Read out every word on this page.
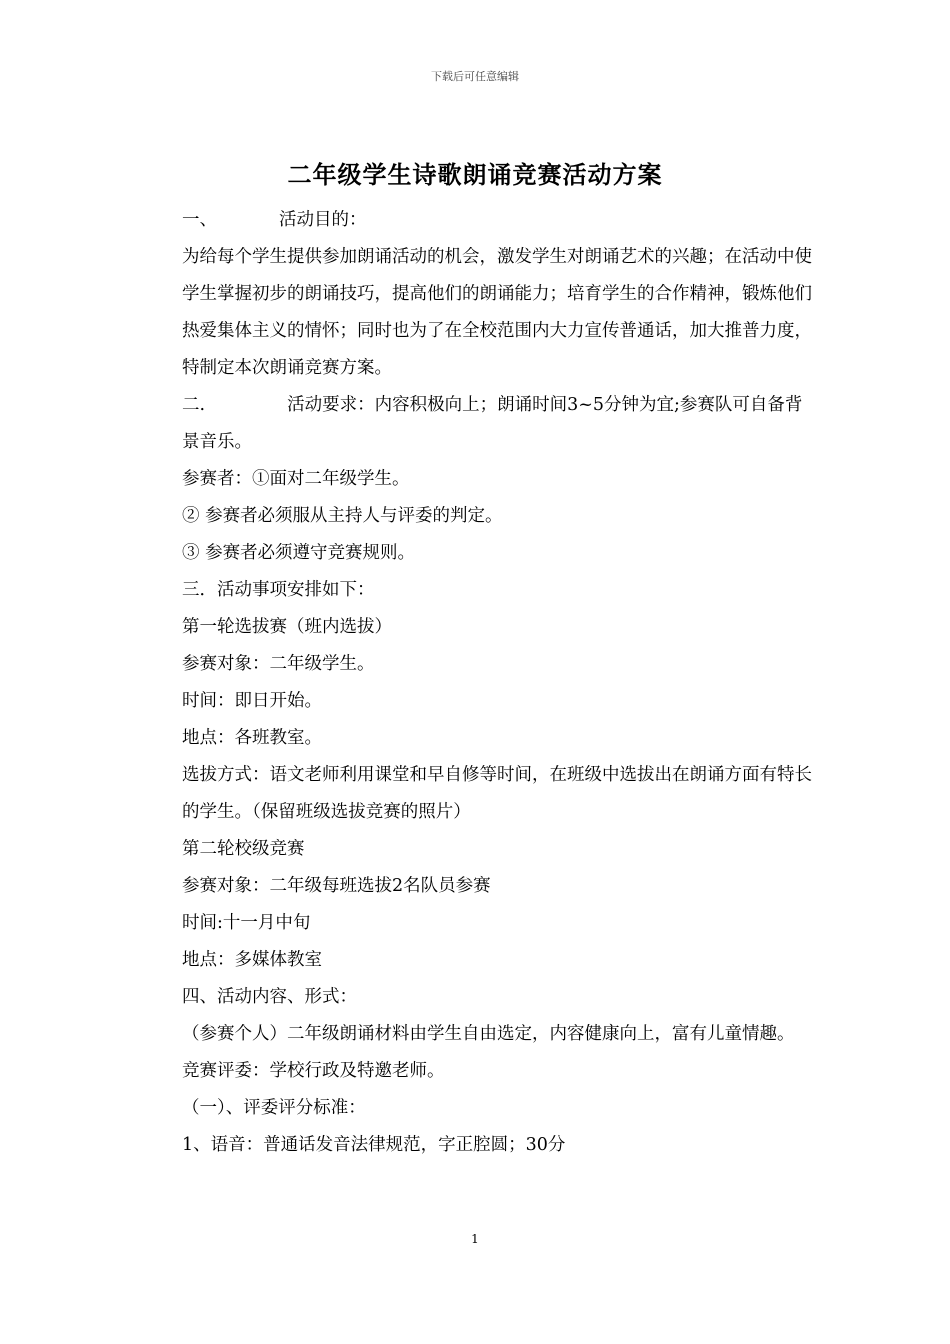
下载后可任意编辑
二年级学生诗歌朗诵竞赛活动方案

一、	活动目的：

为给每个学生提供参加朗诵活动的机会，激发学生对朗诵艺术的兴趣；在活动中使学生掌握初步的朗诵技巧，提高他们的朗诵能力；培育学生的合作精神，锻炼他们热爱集体主义的情怀；同时也为了在全校范围内大力宣传普通话，加大推普力度，特制定本次朗诵竞赛方案。

二.	活动要求：内容积极向上；朗诵时间3~5分钟为宜;参赛队可自备背景音乐。

参赛者：①面对二年级学生。

② 参赛者必须服从主持人与评委的判定。

③ 参赛者必须遵守竞赛规则。

三．活动事项安排如下：

第一轮选拔赛（班内选拔）

参赛对象：二年级学生。

时间：即日开始。

地点：各班教室。

选拔方式：语文老师利用课堂和早自修等时间，在班级中选拔出在朗诵方面有特长的学生。（保留班级选拔竞赛的照片）

第二轮校级竞赛

参赛对象：二年级每班选拔2名队员参赛

时间:十一月中旬

地点：多媒体教室

四、活动内容、形式：

（参赛个人）二年级朗诵材料由学生自由选定，内容健康向上，富有儿童情趣。

竞赛评委：学校行政及特邀老师。

（一）、评委评分标准：

1、语音：普通话发音法律规范，字正腔圆；30分

1
